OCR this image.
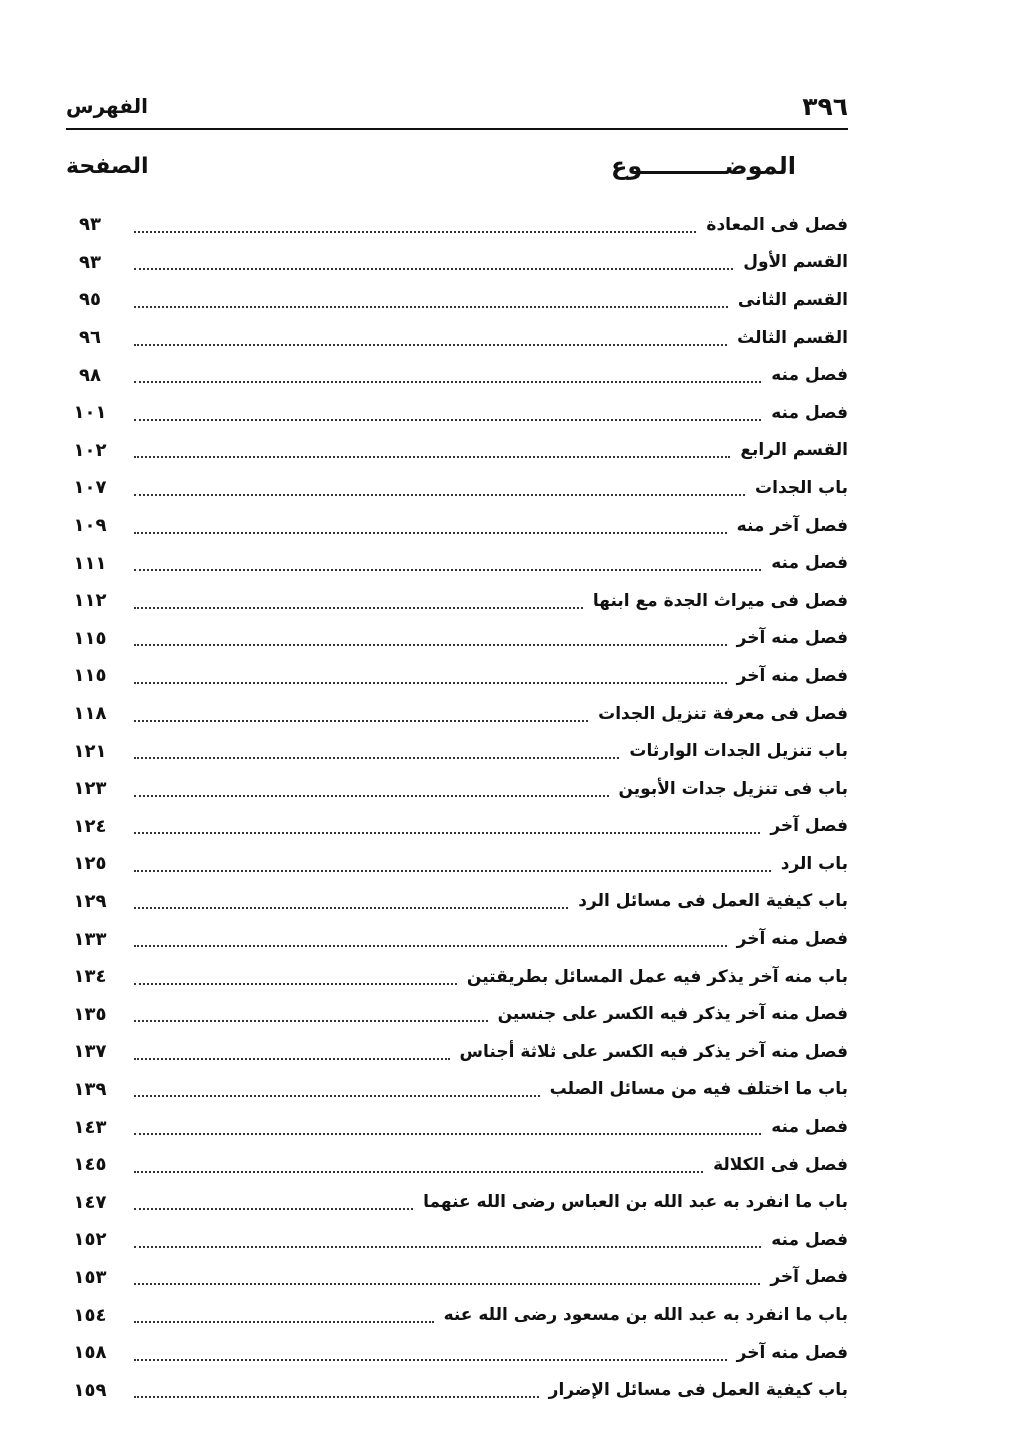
٣٩٦
الفهرس
الموضــــــــــوع
الصفحة
٩٣	فصل فى المعادة
٩٣	القسم الأول
٩٥	القسم الثانى
٩٦	القسم الثالث
٩٨	فصل منه
١٠١	فصل منه
١٠٢	القسم الرابع
١٠٧	باب الجدات
١٠٩	فصل آخر منه
١١١	فصل منه
١١٢	فصل فى ميراث الجدة مع ابنها
١١٥	فصل منه آخر
١١٥	فصل منه آخر
١١٨	فصل فى معرفة تنزيل الجدات
١٢١	باب تنزيل الجدات الوارثات
١٢٣	باب فى تنزيل جدات الأبوين
١٢٤	فصل آخر
١٢٥	باب الرد
١٢٩	باب كيفية العمل فى مسائل الرد
١٣٣	فصل منه آخر
١٣٤	باب منه آخر يذكر فيه عمل المسائل بطريقتين
١٣٥	فصل منه آخر يذكر فيه الكسر على جنسين
١٣٧	فصل منه آخر يذكر فيه الكسر على ثلاثة أجناس
١٣٩	باب ما اختلف فيه من مسائل الصلب
١٤٣	فصل منه
١٤٥	فصل فى الكلالة
١٤٧	باب ما انفرد به عبد الله بن العباس رضى الله عنهما
١٥٢	فصل منه
١٥٣	فصل آخر
١٥٤	باب ما انفرد به عبد الله بن مسعود رضى الله عنه
١٥٨	فصل منه آخر
١٥٩	باب كيفية العمل فى مسائل الإضرار
